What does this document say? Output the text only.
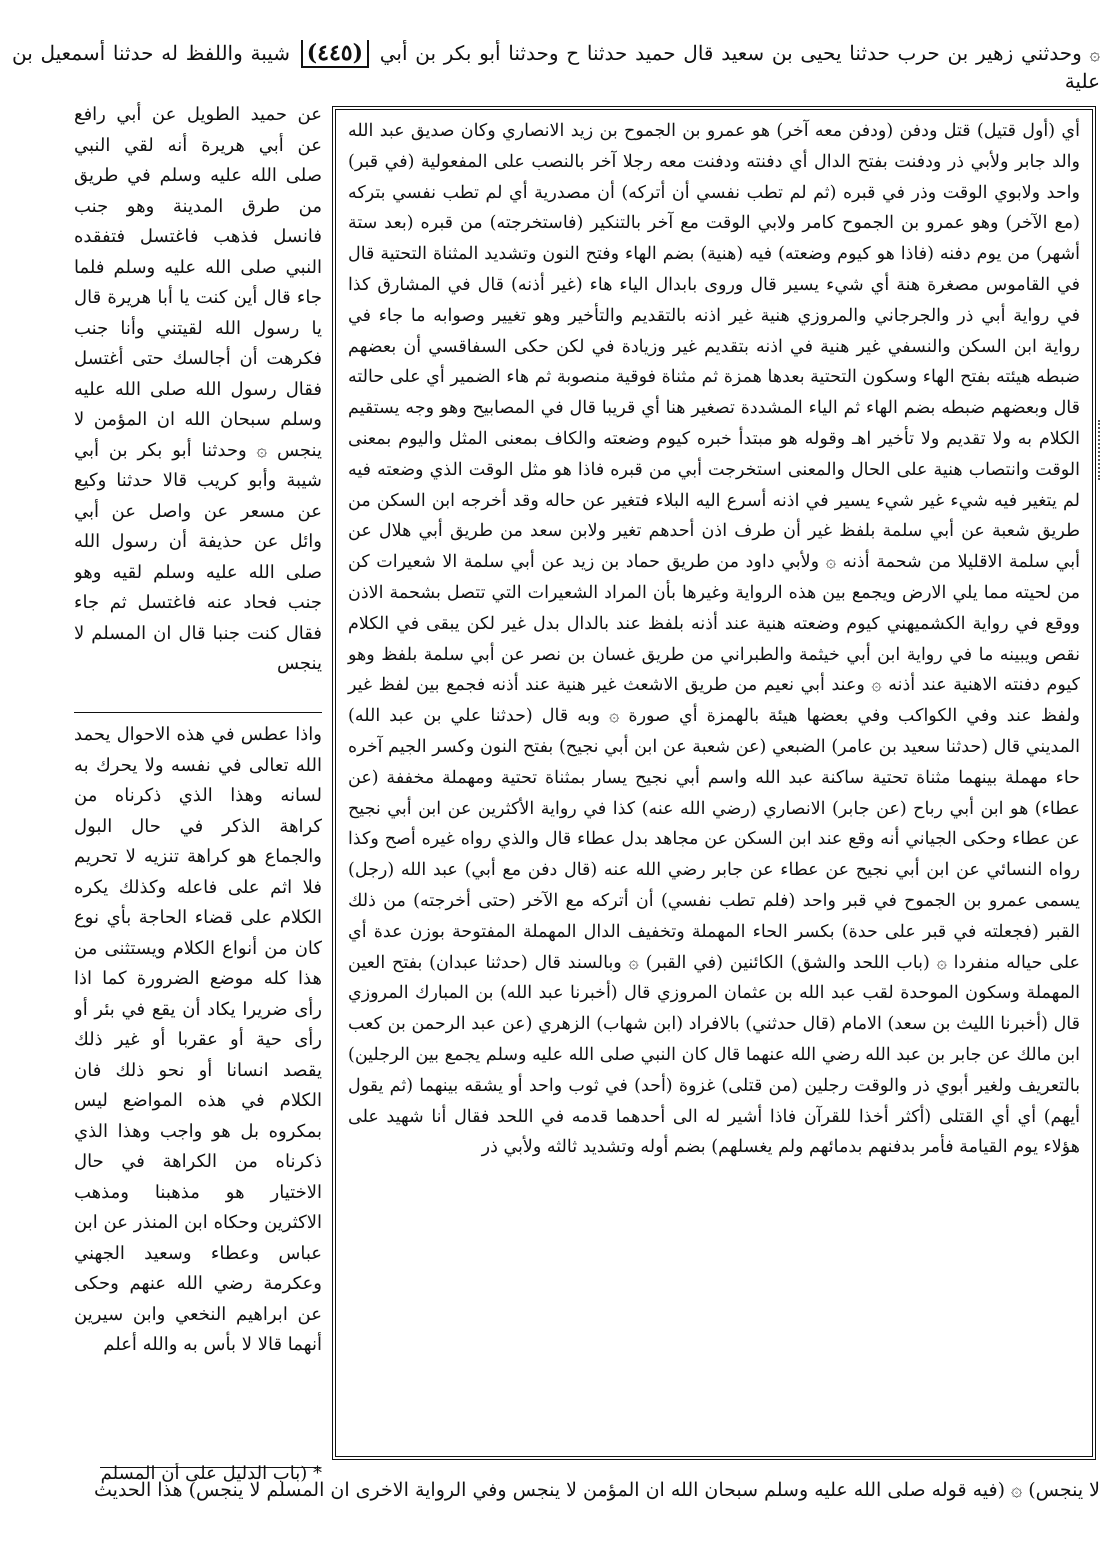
۞ وحدثني زهير بن حرب حدثنا يحيى بن سعيد قال حميد حدثنا ح وحدثنا أبو بكر بن أبي (٤٤٥) شيبة واللفظ له حدثنا أسمعيل بن علية
أي (أول قتيل) قتل ودفن (ودفن معه آخر) هو عمرو بن الجموح بن زيد الانصاري وكان صديق عبد الله والد جابر ولأبي ذر ودفنت بفتح الدال أي دفنته ودفنت معه رجلا آخر بالنصب على المفعولية (في قبر) واحد ولابوي الوقت وذر في قبره (ثم لم تطب نفسي أن أتركه) أن مصدرية أي لم تطب نفسي بتركه (مع الآخر) وهو عمرو بن الجموح كامر ولابي الوقت مع آخر بالتنكير (فاستخرجته) من قبره (بعد ستة أشهر) من يوم دفنه (فاذا هو كيوم وضعته) فيه (هنية) بضم الهاء وفتح النون وتشديد المثناة التحتية قال في القاموس مصغرة هنة أي شيء يسير قال وروى بابدال الياء هاء (غير أذنه) قال في المشارق كذا في رواية أبي ذر والجرجاني والمروزي هنية غير اذنه بالتقديم والتأخير وهو تغيير وصوابه ما جاء في رواية ابن السكن والنسفي غير هنية في اذنه بتقديم غير وزيادة في لكن حكى السفاقسي أن بعضهم ضبطه هيئته بفتح الهاء وسكون التحتية بعدها همزة ثم مثناة فوقية منصوبة ثم هاء الضمير أي على حالته قال وبعضهم ضبطه بضم الهاء ثم الياء المشددة تصغير هنا أي قريبا قال في المصابيح وهو وجه يستقيم الكلام به ولا تقديم ولا تأخير اهـ وقوله هو مبتدأ خبره كيوم وضعته والكاف بمعنى المثل واليوم بمعنى الوقت وانتصاب هنية على الحال والمعنى استخرجت أبي من قبره فاذا هو مثل الوقت الذي وضعته فيه لم يتغير فيه شيء غير شيء يسير في اذنه أسرع اليه البلاء فتغير عن حاله وقد أخرجه ابن السكن من طريق شعبة عن أبي سلمة بلفظ غير أن طرف اذن أحدهم تغير ولابن سعد من طريق أبي هلال عن أبي سلمة الاقليلا من شحمة أذنه ۞ ولأبي داود من طريق حماد بن زيد عن أبي سلمة الا شعيرات كن من لحيته مما يلي الارض ويجمع بين هذه الرواية وغيرها بأن المراد الشعيرات التي تتصل بشحمة الاذن ووقع في رواية الكشميهني كيوم وضعته هنية عند أذنه بلفظ عند بالدال بدل غير لكن يبقى في الكلام نقص ويبينه ما في رواية ابن أبي خيثمة والطبراني من طريق غسان بن نصر عن أبي سلمة بلفظ وهو كيوم دفنته الاهنية عند أذنه ۞ وعند أبي نعيم من طريق الاشعث غير هنية عند أذنه فجمع بين لفظ غير ولفظ عند وفي الكواكب وفي بعضها هيئة بالهمزة أي صورة ۞ وبه قال (حدثنا علي بن عبد الله) المديني قال (حدثنا سعيد بن عامر) الضبعي (عن شعبة عن ابن أبي نجيح) بفتح النون وكسر الجيم آخره حاء مهملة بينهما مثناة تحتية ساكنة عبد الله واسم أبي نجيح يسار بمثناة تحتية ومهملة مخففة (عن عطاء) هو ابن أبي رباح (عن جابر) الانصاري (رضي الله عنه) كذا في رواية الأكثرين عن ابن أبي نجيح عن عطاء وحكى الجياني أنه وقع عند ابن السكن عن مجاهد بدل عطاء قال والذي رواه غيره أصح وكذا رواه النسائي عن ابن أبي نجيح عن عطاء عن جابر رضي الله عنه (قال دفن مع أبي) عبد الله (رجل) يسمى عمرو بن الجموح في قبر واحد (فلم تطب نفسي) أن أتركه مع الآخر (حتى أخرجته) من ذلك القبر (فجعلته في قبر على حدة) بكسر الحاء المهملة وتخفيف الدال المهملة المفتوحة بوزن عدة أي على حياله منفردا ۞ (باب اللحد والشق) الكائنين (في القبر) ۞ وبالسند قال (حدثنا عبدان) بفتح العين المهملة وسكون الموحدة لقب عبد الله بن عثمان المروزي قال (أخبرنا عبد الله) بن المبارك المروزي قال (أخبرنا الليث بن سعد) الامام (قال حدثني) بالافراد (ابن شهاب) الزهري (عن عبد الرحمن بن كعب ابن مالك عن جابر بن عبد الله رضي الله عنهما قال كان النبي صلى الله عليه وسلم يجمع بين الرجلين) بالتعريف ولغير أبوي ذر والوقت رجلين (من قتلى) غزوة (أحد) في ثوب واحد أو يشقه بينهما (ثم يقول أيهم) أي أي القتلى (أكثر أخذا للقرآن فاذا أشير له الى أحدهما قدمه في اللحد فقال أنا شهيد على هؤلاء يوم القيامة فأمر بدفنهم بدمائهم ولم يغسلهم) بضم أوله وتشديد ثالثه ولأبي ذر
عن حميد الطويل عن أبي رافع عن أبي هريرة أنه لقي النبي صلى الله عليه وسلم في طريق من طرق المدينة وهو جنب فانسل فذهب فاغتسل فتفقده النبي صلى الله عليه وسلم فلما جاء قال أين كنت يا أبا هريرة قال يا رسول الله لقيتني وأنا جنب فكرهت أن أجالسك حتى أغتسل فقال رسول الله صلى الله عليه وسلم سبحان الله ان المؤمن لا ينجس ۞ وحدثنا أبو بكر بن أبي شيبة وأبو كريب قالا حدثنا وكيع عن مسعر عن واصل عن أبي وائل عن حذيفة أن رسول الله صلى الله عليه وسلم لقيه وهو جنب فحاد عنه فاغتسل ثم جاء فقال كنت جنبا قال ان المسلم لا ينجس
واذا عطس في هذه الاحوال يحمد الله تعالى في نفسه ولا يحرك به لسانه وهذا الذي ذكرناه من كراهة الذكر في حال البول والجماع هو كراهة تنزيه لا تحريم فلا اثم على فاعله وكذلك يكره الكلام على قضاء الحاجة بأي نوع كان من أنواع الكلام ويستثنى من هذا كله موضع الضرورة كما اذا رأى ضريرا يكاد أن يقع في بئر أو رأى حية أو عقربا أو غير ذلك يقصد انسانا أو نحو ذلك فان الكلام في هذه المواضع ليس بمكروه بل هو واجب وهذا الذي ذكرناه من الكراهة في حال الاختيار هو مذهبنا ومذهب الاكثرين وحكاه ابن المنذر عن ابن عباس وعطاء وسعيد الجهني وعكرمة رضي الله عنهم وحكى عن ابراهيم النخعي وابن سيرين أنهما قالا لا بأس به والله أعلم
* (باب الدليل على أن المسلم
لا ينجس) ۞ (فيه قوله صلى الله عليه وسلم سبحان الله ان المؤمن لا ينجس وفي الرواية الاخرى ان المسلم لا ينجس) هذا الحديث
